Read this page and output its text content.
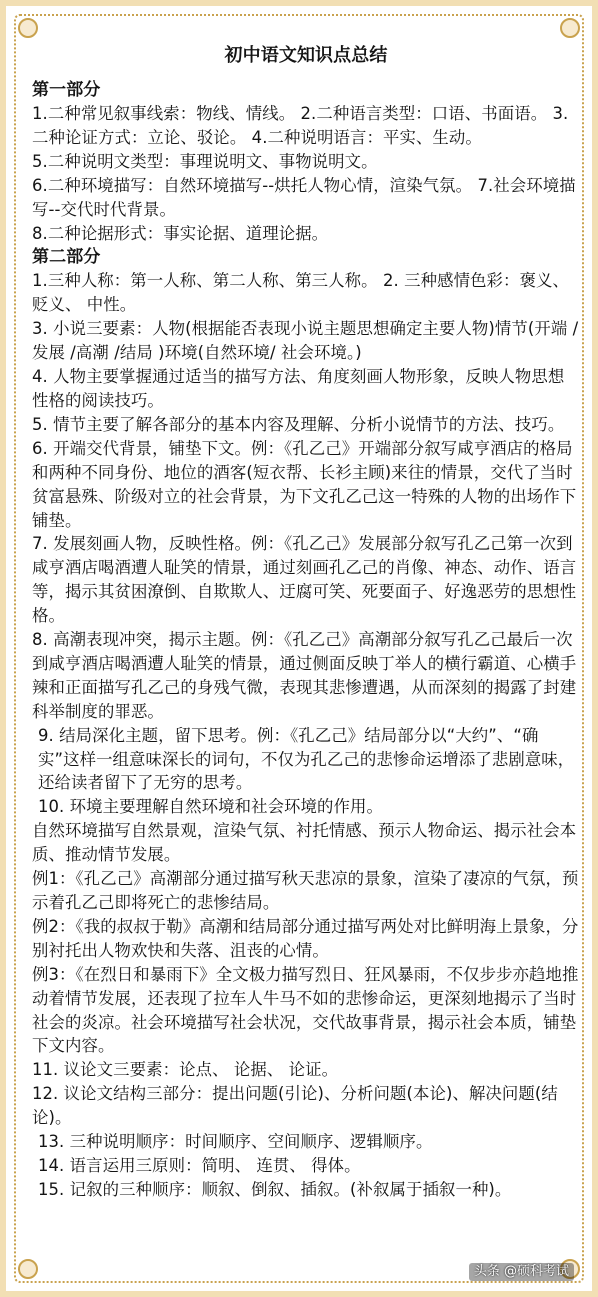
初中语文知识点总结
第一部分

1.二种常见叙事线索：物线、情线。 2.二种语言类型：口语、书面语。 3.二种论证方式：立论、驳论。 4.二种说明语言：平实、生动。

5.二种说明文类型：事理说明文、事物说明文。

6.二种环境描写：自然环境描写--烘托人物心情，渲染气氛。 7.社会环境描写--交代时代背景。

8.二种论据形式：事实论据、道理论据。

第二部分

1.三种人称：第一人称、第二人称、第三人称。 2. 三种感情色彩：褒义、 贬义、 中性。

3. 小说三要素：人物(根据能否表现小说主题思想确定主要人物)情节(开端 /发展 /高潮 /结局 )环境(自然环境/ 社会环境。)

4. 人物主要掌握通过适当的描写方法、角度刻画人物形象，反映人物思想性格的阅读技巧。

5. 情节主要了解各部分的基本内容及理解、分析小说情节的方法、技巧。 6. 开端交代背景，铺垫下文。例：《孔乙己》开端部分叙写咸亨酒店的格局和两种不同身份、地位的酒客(短衣帮、长衫主顾)来往的情景，交代了当时贫富悬殊、阶级对立的社会背景，为下文孔乙己这一特殊的人物的出场作下铺垫。

7. 发展刻画人物，反映性格。例：《孔乙己》发展部分叙写孔乙己第一次到咸亨酒店喝酒遭人耻笑的情景，通过刻画孔乙己的肖像、神态、动作、语言等，揭示其贫困潦倒、自欺欺人、迂腐可笑、死要面子、好逸恶劳的思想性格。

8. 高潮表现冲突，揭示主题。例：《孔乙己》高潮部分叙写孔乙己最后一次到咸亨酒店喝酒遭人耻笑的情景，通过侧面反映丁举人的横行霸道、心横手辣和正面描写孔乙己的身残气微，表现其悲惨遭遇，从而深刻的揭露了封建科举制度的罪恶。

9. 结局深化主题，留下思考。例：《孔乙己》结局部分以“大约”、“确实”这样一组意味深长的词句，不仅为孔乙己的悲惨命运增添了悲剧意味，还给读者留下了无穷的思考。

10. 环境主要理解自然环境和社会环境的作用。

自然环境描写自然景观，渲染气氛、衬托情感、预示人物命运、揭示社会本质、推动情节发展。

例1：《孔乙己》高潮部分通过描写秋天悲凉的景象，渲染了凄凉的气氛，预示着孔乙己即将死亡的悲惨结局。

例2：《我的叔叔于勒》高潮和结局部分通过描写两处对比鲜明海上景象，分别衬托出人物欢快和失落、沮丧的心情。

例3：《在烈日和暴雨下》全文极力描写烈日、狂风暴雨，不仅步步亦趋地推动着情节发展，还表现了拉车人牛马不如的悲惨命运，更深刻地揭示了当时社会的炎凉。社会环境描写社会状况，交代故事背景，揭示社会本质，铺垫下文内容。

11. 议论文三要素：论点、 论据、 论证。

12. 议论文结构三部分：提出问题(引论)、分析问题(本论)、解决问题(结论)。

13. 三种说明顺序：时间顺序、空间顺序、逻辑顺序。

14. 语言运用三原则：简明、 连贯、 得体。

15. 记叙的三种顺序：顺叙、倒叙、插叙。(补叙属于插叙一种)。

头条 @硕科考试
